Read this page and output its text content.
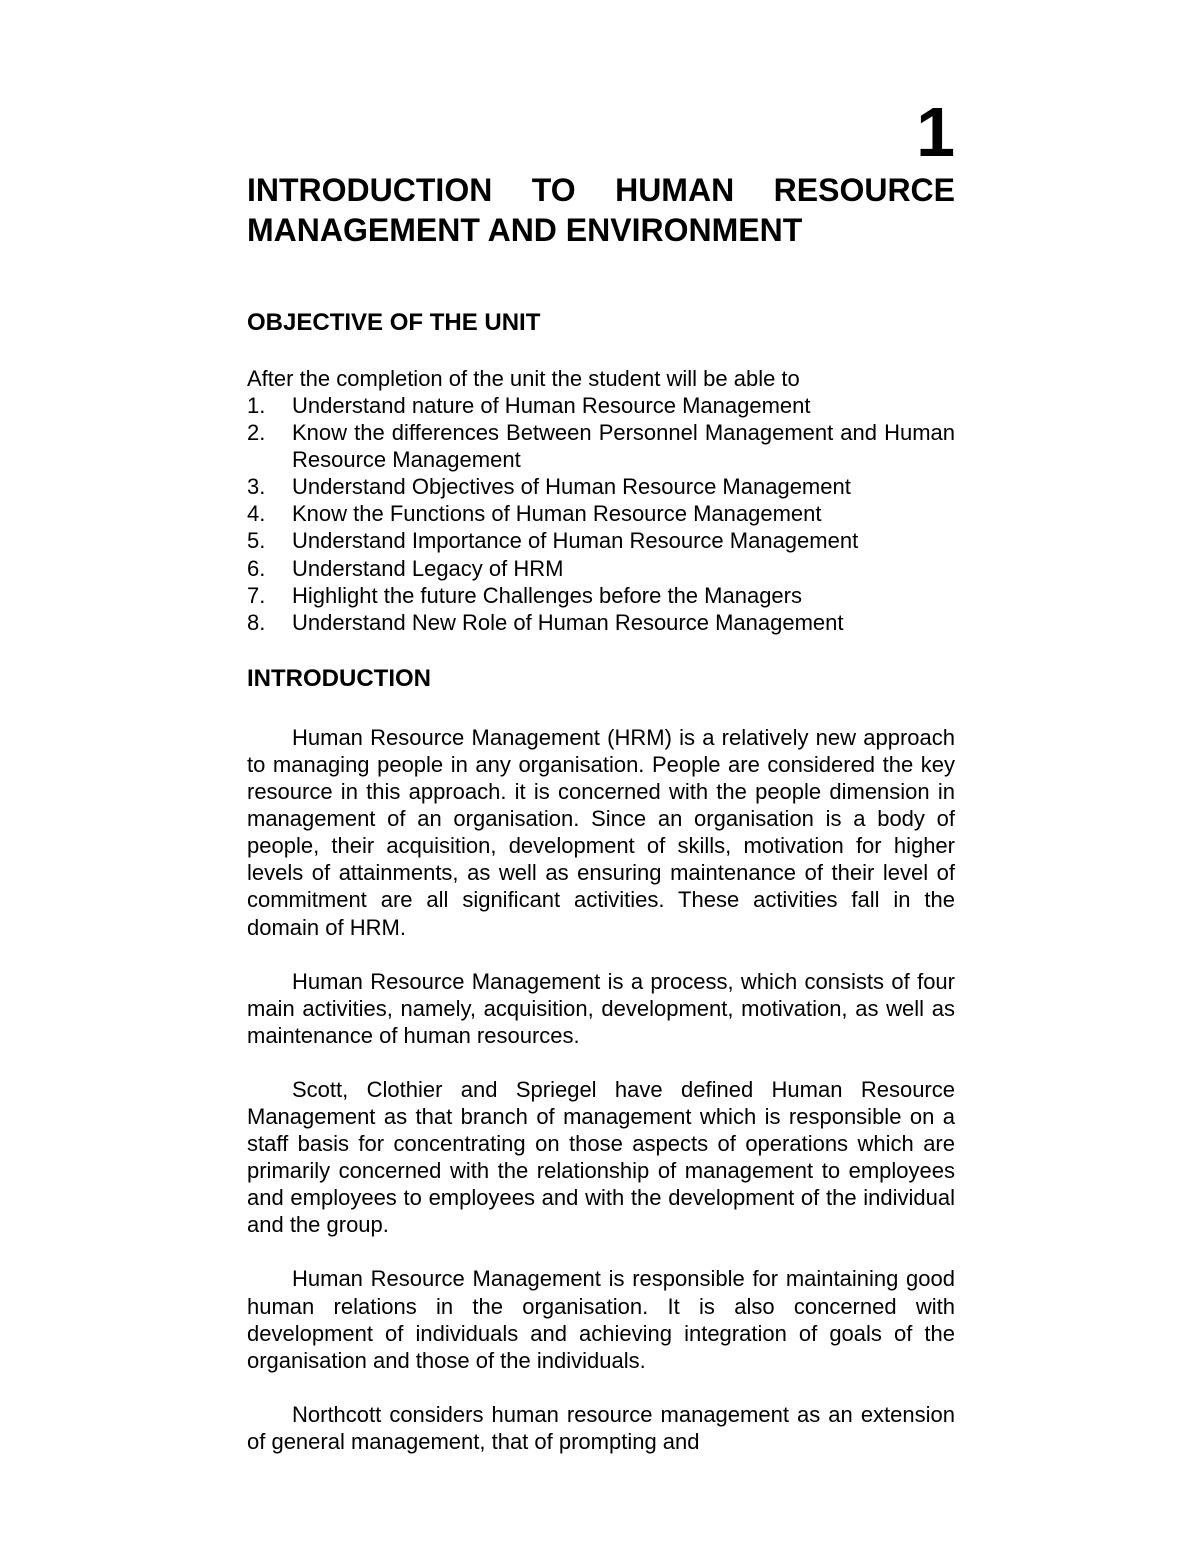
1
INTRODUCTION TO HUMAN RESOURCE
MANAGEMENT AND ENVIRONMENT
OBJECTIVE OF THE UNIT

After the completion of the unit the student will be able to

1.	Understand nature of Human Resource Management
2.	Know the differences Between Personnel Management and Human Resource Management
3.	Understand Objectives of Human Resource Management
4.	Know the Functions of Human Resource Management
5.	Understand Importance of Human Resource Management
6.	Understand Legacy of HRM
7.	Highlight the future Challenges before the Managers
8.	Understand New Role of Human Resource Management
INTRODUCTION

Human Resource Management (HRM) is a relatively new approach to managing people in any organisation. People are considered the key resource in this approach. it is concerned with the people dimension in management of an organisation. Since an organisation is a body of people, their acquisition, development of skills, motivation for higher levels of attainments, as well as ensuring maintenance of their level of commitment are all significant activities. These activities fall in the domain of HRM.

Human Resource Management is a process, which consists of four main activities, namely, acquisition, development, motivation, as well as maintenance of human resources.

Scott, Clothier and Spriegel have defined Human Resource Management as that branch of management which is responsible on a staff basis for concentrating on those aspects of operations which are primarily concerned with the relationship of management to employees and employees to employees and with the development of the individual and the group.

Human Resource Management is responsible for maintaining good human relations in the organisation. It is also concerned with development of individuals and achieving integration of goals of the organisation and those of the individuals.

Northcott considers human resource management as an extension of general management, that of prompting and
